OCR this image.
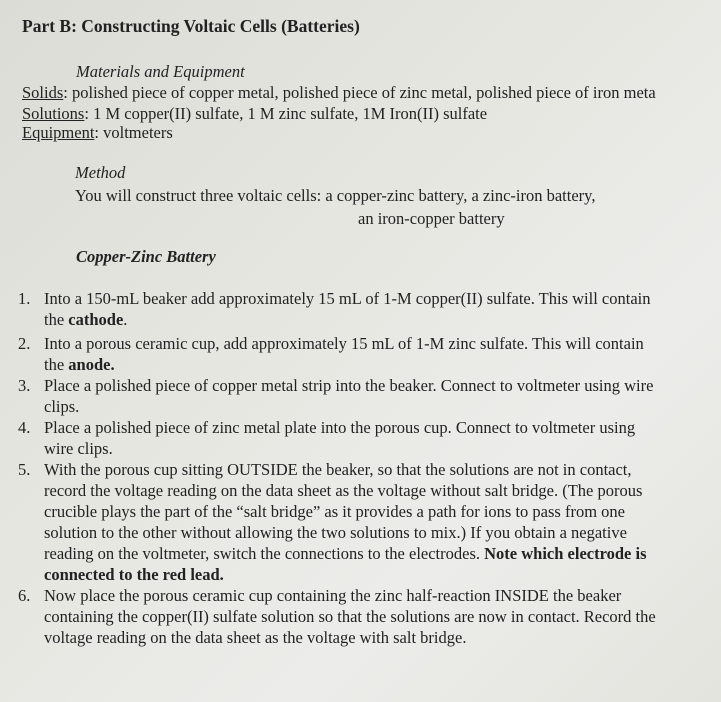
Part B: Constructing Voltaic Cells (Batteries)
Materials and Equipment
Solids: polished piece of copper metal, polished piece of zinc metal, polished piece of iron meta
Solutions: 1 M copper(II) sulfate, 1 M zinc sulfate, 1M Iron(II) sulfate
Equipment: voltmeters
Method
You will construct three voltaic cells: a copper-zinc battery, a zinc-iron battery,
an iron-copper battery
Copper-Zinc Battery
1. Into a 150-mL beaker add approximately 15 mL of 1-M copper(II) sulfate. This will contain
the cathode.
2. Into a porous ceramic cup, add approximately 15 mL of 1-M zinc sulfate. This will contain
the anode.
3. Place a polished piece of copper metal strip into the beaker. Connect to voltmeter using wire
clips.
4. Place a polished piece of zinc metal plate into the porous cup. Connect to voltmeter using
wire clips.
5. With the porous cup sitting OUTSIDE the beaker, so that the solutions are not in contact,
record the voltage reading on the data sheet as the voltage without salt bridge. (The porous
crucible plays the part of the “salt bridge” as it provides a path for ions to pass from one
solution to the other without allowing the two solutions to mix.) If you obtain a negative
reading on the voltmeter, switch the connections to the electrodes. Note which electrode is
connected to the red lead.
6. Now place the porous ceramic cup containing the zinc half-reaction INSIDE the beaker
containing the copper(II) sulfate solution so that the solutions are now in contact. Record the
voltage reading on the data sheet as the voltage with salt bridge.
